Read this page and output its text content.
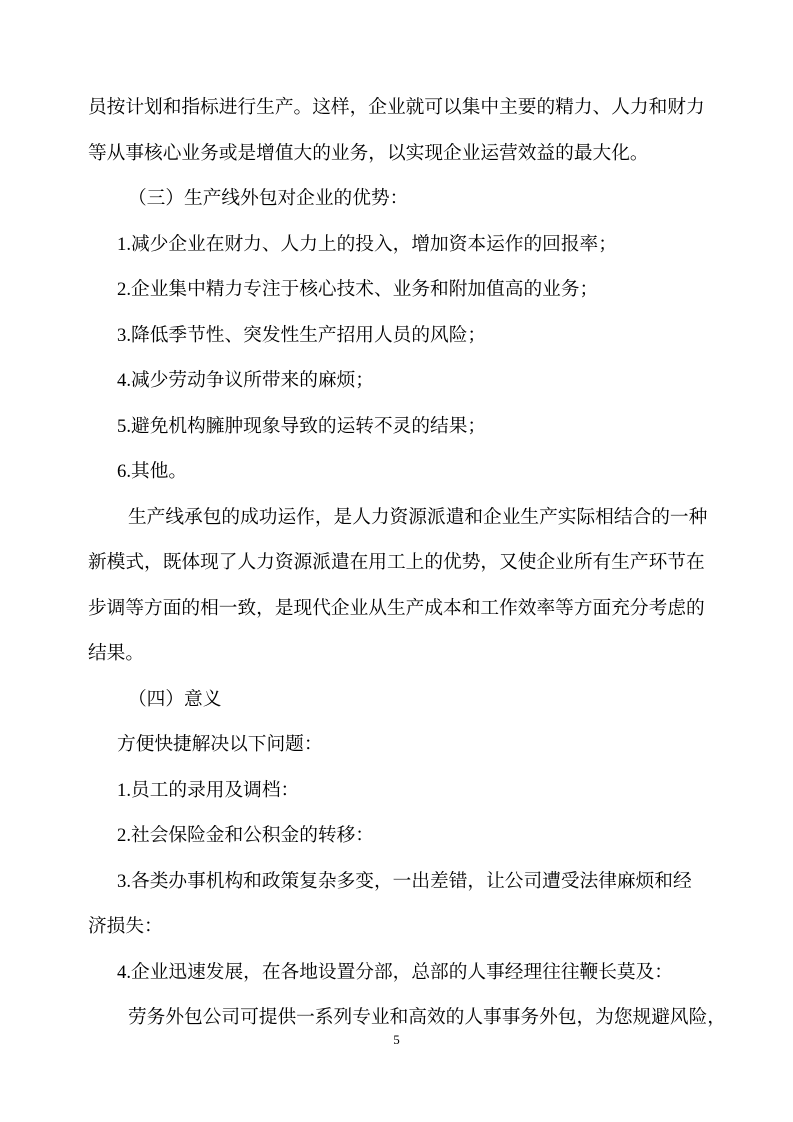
员按计划和指标进行生产。这样，企业就可以集中主要的精力、人力和财力

等从事核心业务或是增值大的业务，以实现企业运营效益的最大化。

（三）生产线外包对企业的优势：

1.减少企业在财力、人力上的投入，增加资本运作的回报率；

2.企业集中精力专注于核心技术、业务和附加值高的业务；

3.降低季节性、突发性生产招用人员的风险；

4.减少劳动争议所带来的麻烦；

5.避免机构臃肿现象导致的运转不灵的结果；

6.其他。

生产线承包的成功运作，是人力资源派遣和企业生产实际相结合的一种

新模式，既体现了人力资源派遣在用工上的优势，又使企业所有生产环节在

步调等方面的相一致，是现代企业从生产成本和工作效率等方面充分考虑的

结果。

（四）意义

方便快捷解决以下问题：

1.员工的录用及调档：

2.社会保险金和公积金的转移：

3.各类办事机构和政策复杂多变，一出差错，让公司遭受法律麻烦和经

济损失：

4.企业迅速发展，在各地设置分部，总部的人事经理往往鞭长莫及：

劳务外包公司可提供一系列专业和高效的人事事务外包，为您规避风险，

5
